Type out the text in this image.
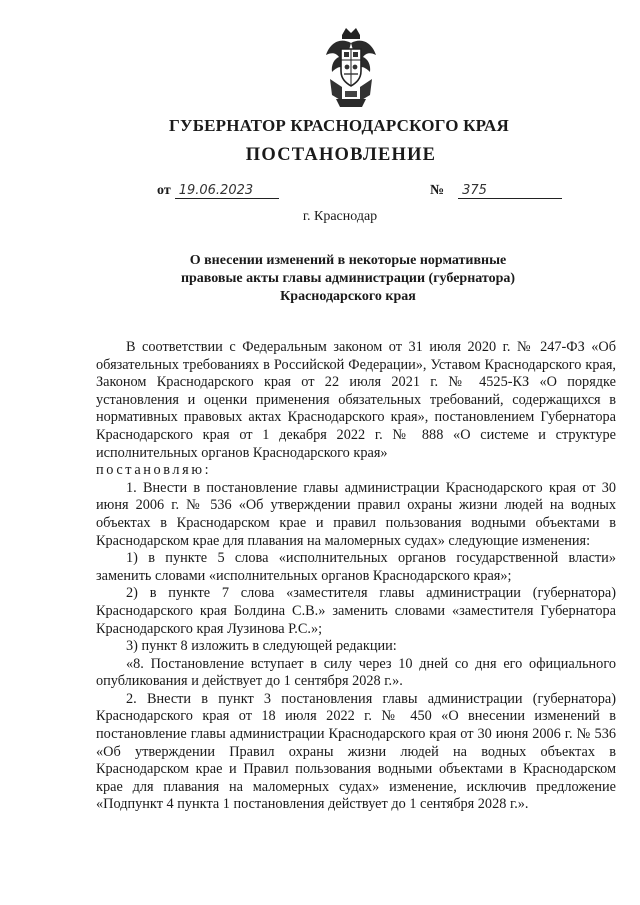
ГУБЕРНАТОР КРАСНОДАРСКОГО КРАЯ
ПОСТАНОВЛЕНИЕ
от 19.06.2023	№ 375
г. Краснодар
О внесении изменений в некоторые нормативные
правовые акты главы администрации (губернатора)
Краснодарского края

В соответствии с Федеральным законом от 31 июля 2020 г. № 247-ФЗ «Об обязательных требованиях в Российской Федерации», Уставом Краснодарского края, Законом Краснодарского края от 22 июля 2021 г. № 4525-КЗ «О порядке установления и оценки применения обязательных требований, содержащихся в нормативных правовых актах Краснодарского края», постановлением Губернатора Краснодарского края от 1 декабря 2022 г. № 888 «О системе и структуре исполнительных органов Краснодарского края»

постановляю:

1. Внести в постановление главы администрации Краснодарского края от 30 июня 2006 г. № 536 «Об утверждении правил охраны жизни людей на водных объектах в Краснодарском крае и правил пользования водными объектами в Краснодарском крае для плавания на маломерных судах» следующие изменения:

1) в пункте 5 слова «исполнительных органов государственной власти» заменить словами «исполнительных органов Краснодарского края»;

2) в пункте 7 слова «заместителя главы администрации (губернатора) Краснодарского края Болдина С.В.» заменить словами «заместителя Губернатора Краснодарского края Лузинова Р.С.»;

3) пункт 8 изложить в следующей редакции:

«8. Постановление вступает в силу через 10 дней со дня его официального опубликования и действует до 1 сентября 2028 г.».

2. Внести в пункт 3 постановления главы администрации (губернатора) Краснодарского края от 18 июля 2022 г. № 450 «О внесении изменений в постановление главы администрации Краснодарского края от 30 июня 2006 г. № 536 «Об утверждении Правил охраны жизни людей на водных объектах в Краснодарском крае и Правил пользования водными объектами в Краснодарском крае для плавания на маломерных судах» изменение, исключив предложение «Подпункт 4 пункта 1 постановления действует до 1 сентября 2028 г.».
